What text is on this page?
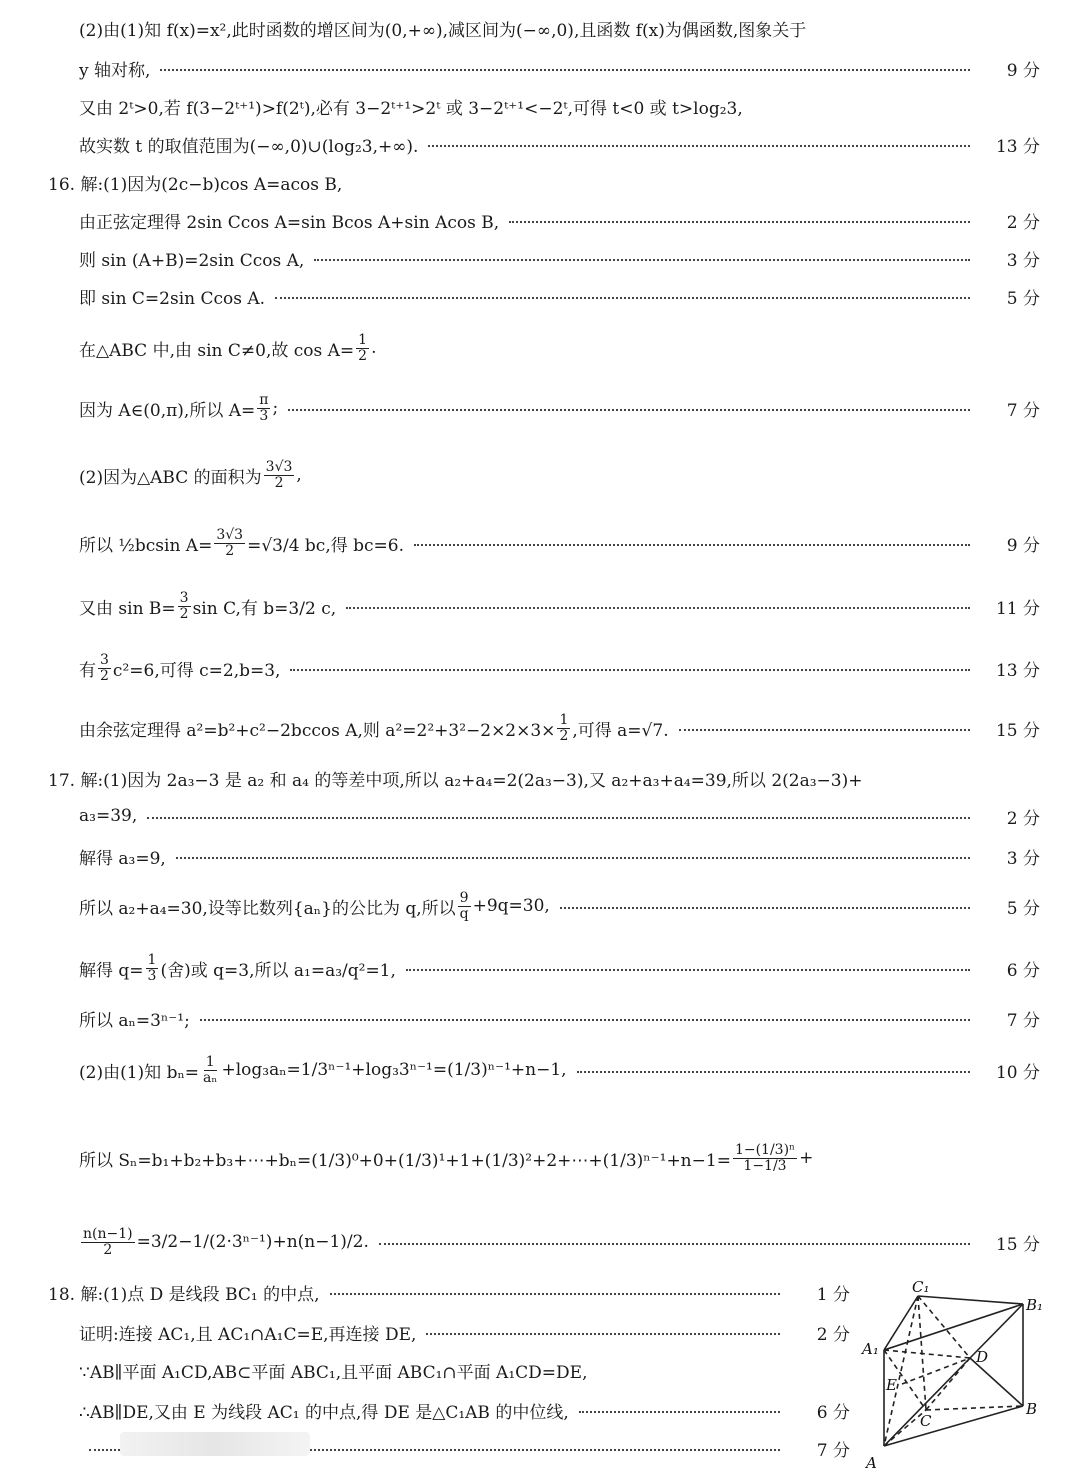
(2)由(1)知 f(x)=x²,此时函数的增区间为(0,+∞),减区间为(−∞,0),且函数 f(x)为偶函数,图象关于
y 轴对称,	9 分
又由 2ᵗ>0,若 f(3−2ᵗ⁺¹)>f(2ᵗ),必有 3−2ᵗ⁺¹>2ᵗ 或 3−2ᵗ⁺¹<−2ᵗ,可得 t<0 或 t>log₂3,
故实数 t 的取值范围为(−∞,0)∪(log₂3,+∞).	13 分
16. 解:(1)因为(2c−b)cos A=acos B,
由正弦定理得 2sin Ccos A=sin Bcos A+sin Acos B,	2 分
则 sin (A+B)=2sin Ccos A,	3 分
即 sin C=2sin Ccos A.	5 分
在△ABC 中,由 sin C≠0,故 $\cos A= \frac{1}{2}$ .
因为 A∈(0,π),所以 $A= \frac{\pi}{3}$ ;	7 分
(2)因为△ABC 的面积为 $\frac{3√3}{2}$ ,
所以 ½bcsin $A= \frac{3√3}{2} =√3/4$ bc,得 bc=6.	9 分
又由 $\sin B= \frac{3}{2}$ sin C,有 b=3/2 c,	11 分
有 $\frac{3}{2} c^2=6$,可得 c=2,b=3,	13 分
由余弦定理得 a²=b²+c²−2bccos A,则 $a^2=2^2+3^2-2\times 2\times 3\times \frac{1}{2}$ ,可得 a=√7.	15 分
17. 解:(1)因为 2a₃−3 是 a₂ 和 a₄ 的等差中项,所以 a₂+a₄=2(2a₃−3),又 a₂+a₃+a₄=39,所以 2(2a₃−3)+
a₃=39,	2 分
解得 a₃=9,	3 分
所以 a₂+a₄=30,设等比数列{aₙ}的公比为 q,所以 $\frac{9}{q} +9q=30$,	5 分
解得 $q= \frac{1}{3}$ (舍)或 q=3,所以 a₁=a₃/q²=1,	6 分
所以 aₙ=3ⁿ⁻¹;	7 分
(2)由(1)知 $b_n= \frac{1}{\text{aₙ}} +\log_3a_n=1/3^{n-1}+\log_33^{n-1}=(1/3)^{n-1}+n-1$,	10 分
所以 Sₙ=b₁+b₂+b₃+⋯+bₙ=(1/3)⁰+0+(1/3)¹+1+(1/3)²+2+⋯+(1/3)ⁿ⁻¹+n−1= $\frac{\text{1−(1/3)ⁿ}}{1-1/3}$ +
$\frac{n(n-1)}{2} =3/2-1/(2\cdot 3^{n-1})+n(n-1)/2$.	15 分
18. 解:(1)点 D 是线段 BC₁ 的中点,	1 分
证明:连接 AC₁,且 AC₁∩A₁C=E,再连接 DE,	2 分
∵AB∥平面 A₁CD,AB⊂平面 ABC₁,且平面 ABC₁∩平面 A₁CD=DE,
∴AB∥DE,又由 E 为线段 AC₁ 的中点,得 DE 是△C₁AB 的中位线,	6 分
7 分
C₁
B₁
A₁	D
E
C
B
A
